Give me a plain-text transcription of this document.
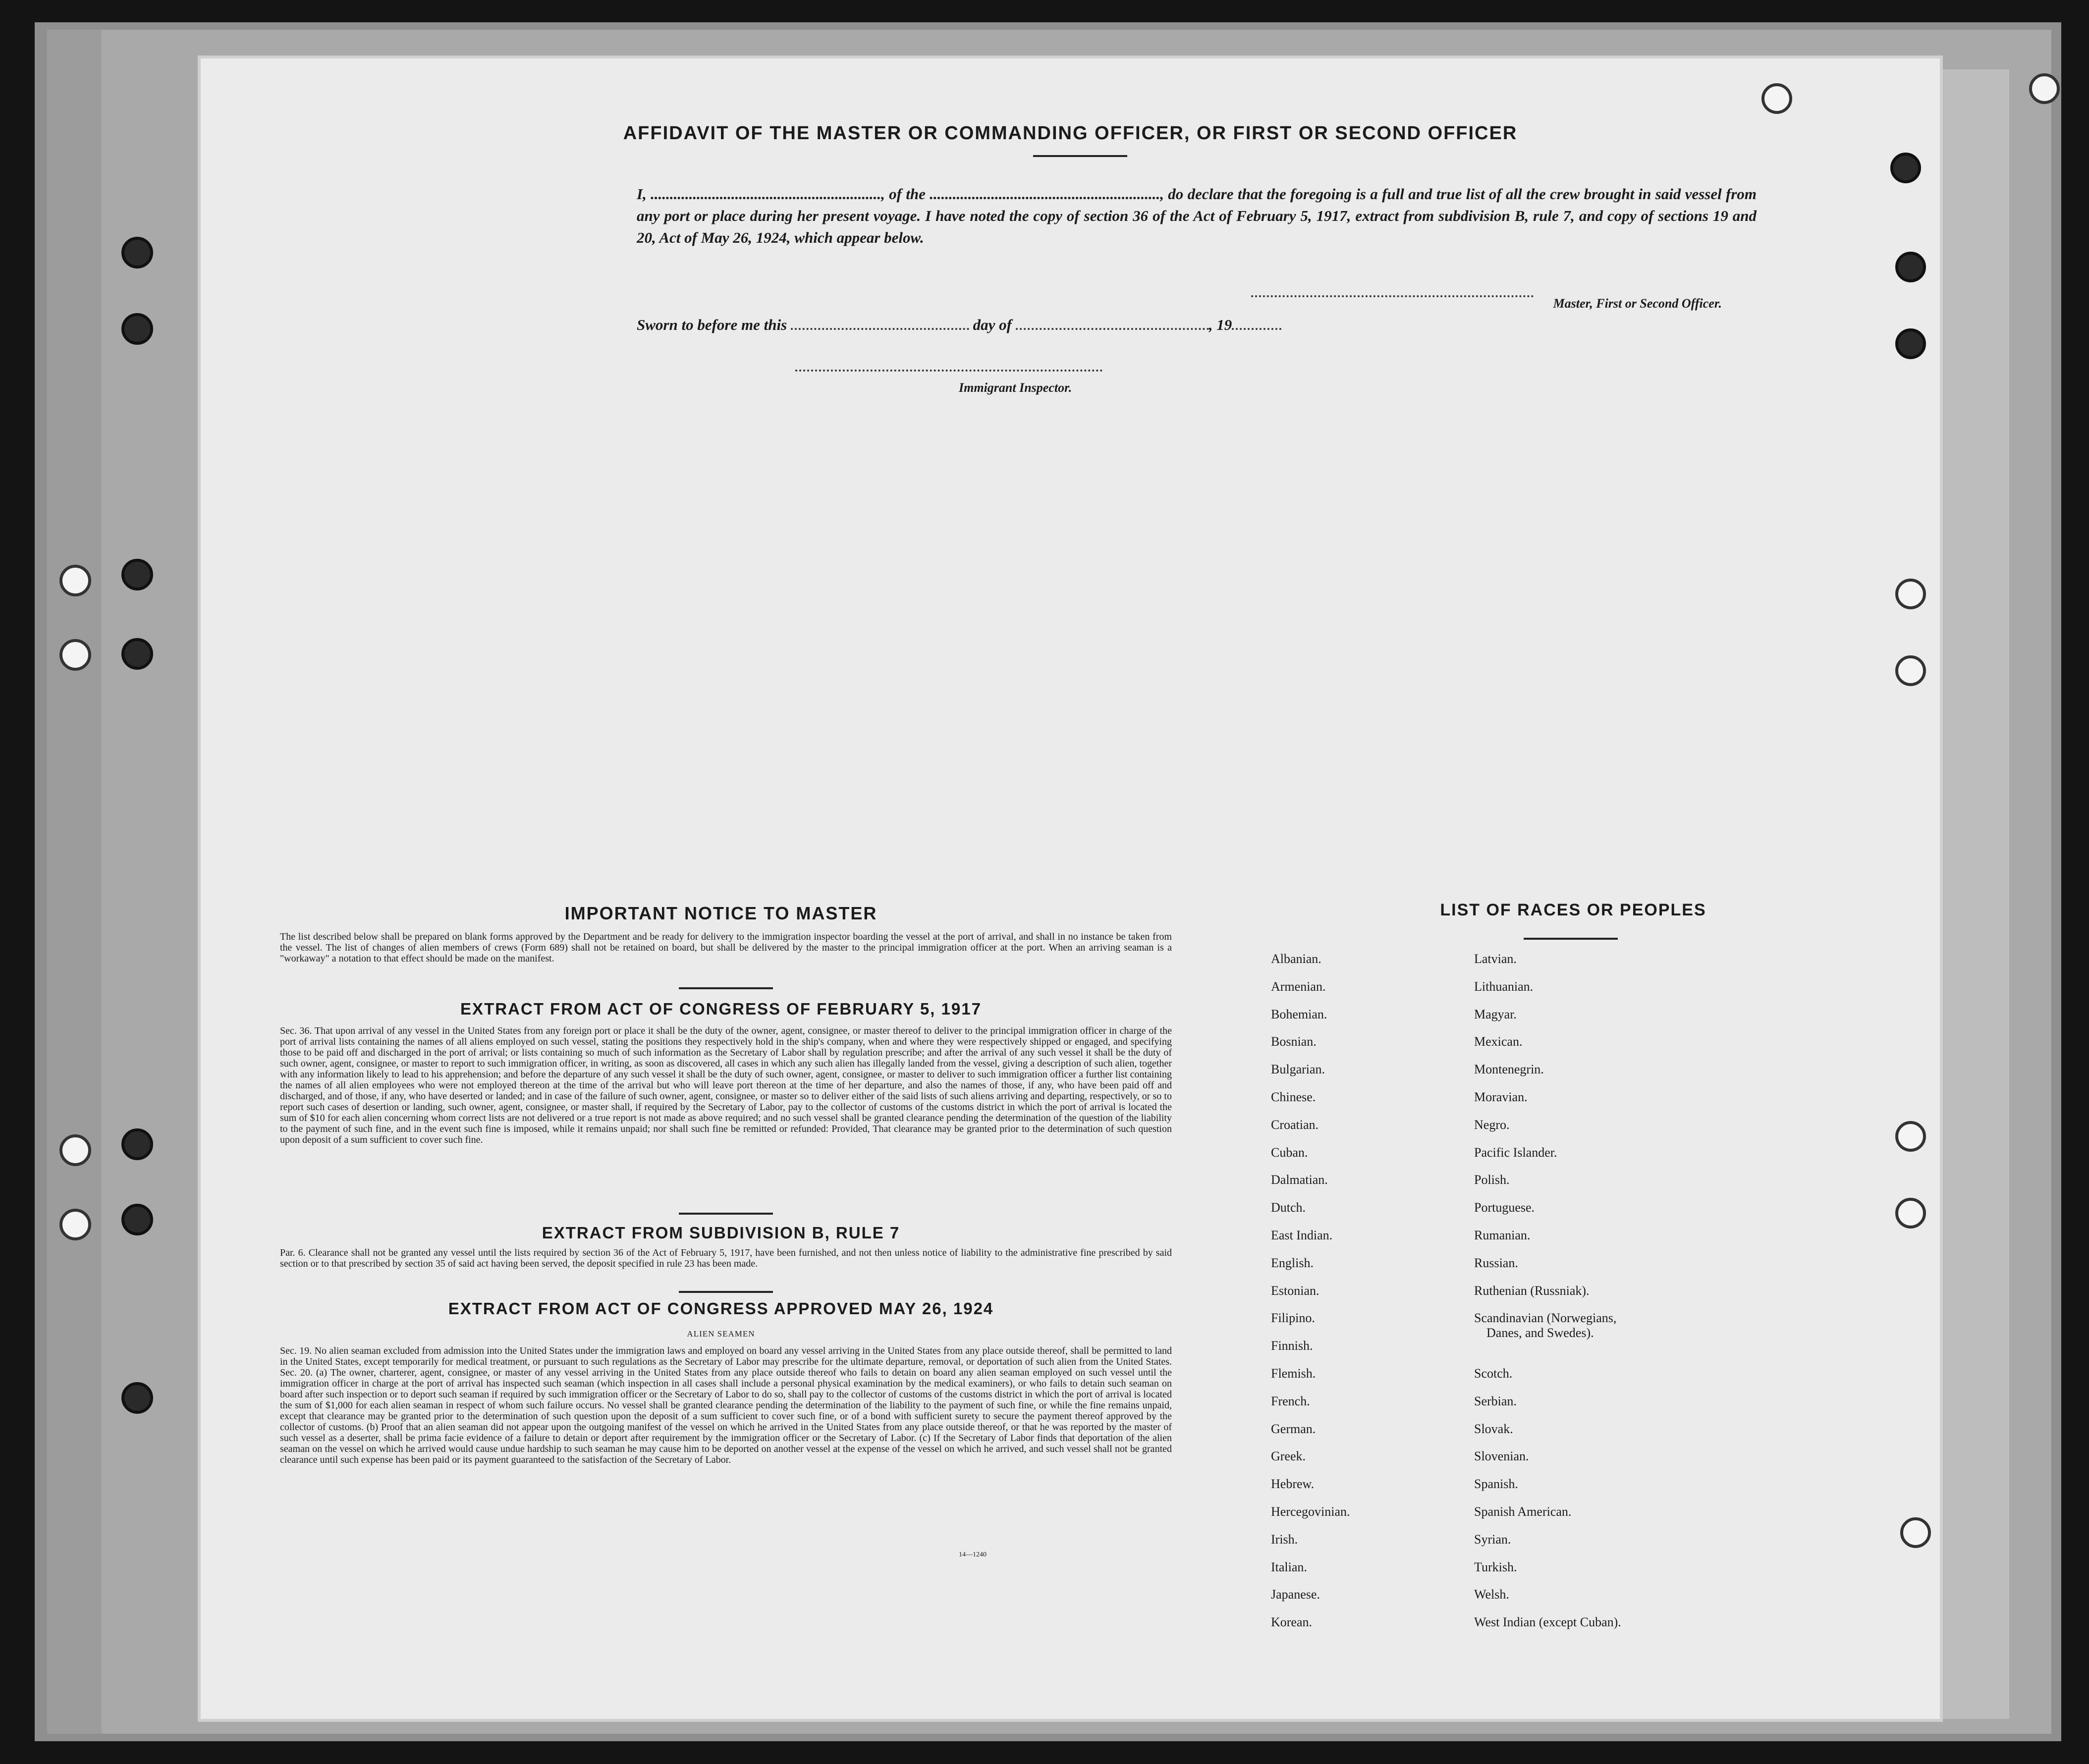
AFFIDAVIT OF THE MASTER OR COMMANDING OFFICER, OR FIRST OR SECOND OFFICER
I, ............................................................, of the ............................................................, do declare that the foregoing is a full and true list of all the crew brought in said vessel from any port or place during her present voyage. I have noted the copy of section 36 of the Act of February 5, 1917, extract from subdivision B, rule 7, and copy of sections 19 and 20, Act of May 26, 1924, which appear below.
Master, First or Second Officer.
Sworn to before me this	day of	, 19
Immigrant Inspector.
IMPORTANT NOTICE TO MASTER
The list described below shall be prepared on blank forms approved by the Department and be ready for delivery to the immigration inspector boarding the vessel at the port of arrival, and shall in no instance be taken from the vessel. The list of changes of alien members of crews (Form 689) shall not be retained on board, but shall be delivered by the master to the principal immigration officer at the port. When an arriving seaman is a "workaway" a notation to that effect should be made on the manifest.
EXTRACT FROM ACT OF CONGRESS OF FEBRUARY 5, 1917
Sec. 36. That upon arrival of any vessel in the United States from any foreign port or place it shall be the duty of the owner, agent, consignee, or master thereof to deliver to the principal immigration officer in charge of the port of arrival lists containing the names of all aliens employed on such vessel, stating the positions they respectively hold in the ship's company, when and where they were respectively shipped or engaged, and specifying those to be paid off and discharged in the port of arrival; or lists containing so much of such information as the Secretary of Labor shall by regulation prescribe; and after the arrival of any such vessel it shall be the duty of such owner, agent, consignee, or master to report to such immigration officer, in writing, as soon as discovered, all cases in which any such alien has illegally landed from the vessel, giving a description of such alien, together with any information likely to lead to his apprehension; and before the departure of any such vessel it shall be the duty of such owner, agent, consignee, or master to deliver to such immigration officer a further list containing the names of all alien employees who were not employed thereon at the time of the arrival but who will leave port thereon at the time of her departure, and also the names of those, if any, who have been paid off and discharged, and of those, if any, who have deserted or landed; and in case of the failure of such owner, agent, consignee, or master so to deliver either of the said lists of such aliens arriving and departing, respectively, or so to report such cases of desertion or landing, such owner, agent, consignee, or master shall, if required by the Secretary of Labor, pay to the collector of customs of the customs district in which the port of arrival is located the sum of $10 for each alien concerning whom correct lists are not delivered or a true report is not made as above required; and no such vessel shall be granted clearance pending the determination of the question of the liability to the payment of such fine, and in the event such fine is imposed, while it remains unpaid; nor shall such fine be remitted or refunded: Provided, That clearance may be granted prior to the determination of such question upon deposit of a sum sufficient to cover such fine.
EXTRACT FROM SUBDIVISION B, RULE 7
Par. 6. Clearance shall not be granted any vessel until the lists required by section 36 of the Act of February 5, 1917, have been furnished, and not then unless notice of liability to the administrative fine prescribed by said section or to that prescribed by section 35 of said act having been served, the deposit specified in rule 23 has been made.
EXTRACT FROM ACT OF CONGRESS APPROVED MAY 26, 1924
ALIEN SEAMEN
Sec. 19. No alien seaman excluded from admission into the United States under the immigration laws and employed on board any vessel arriving in the United States from any place outside thereof, shall be permitted to land in the United States, except temporarily for medical treatment, or pursuant to such regulations as the Secretary of Labor may prescribe for the ultimate departure, removal, or deportation of such alien from the United States. Sec. 20. (a) The owner, charterer, agent, consignee, or master of any vessel arriving in the United States from any place outside thereof who fails to detain on board any alien seaman employed on such vessel until the immigration officer in charge at the port of arrival has inspected such seaman (which inspection in all cases shall include a personal physical examination by the medical examiners), or who fails to detain such seaman on board after such inspection or to deport such seaman if required by such immigration officer or the Secretary of Labor to do so, shall pay to the collector of customs of the customs district in which the port of arrival is located the sum of $1,000 for each alien seaman in respect of whom such failure occurs. No vessel shall be granted clearance pending the determination of the liability to the payment of such fine, or while the fine remains unpaid, except that clearance may be granted prior to the determination of such question upon the deposit of a sum sufficient to cover such fine, or of a bond with sufficient surety to secure the payment thereof approved by the collector of customs. (b) Proof that an alien seaman did not appear upon the outgoing manifest of the vessel on which he arrived in the United States from any place outside thereof, or that he was reported by the master of such vessel as a deserter, shall be prima facie evidence of a failure to detain or deport after requirement by the immigration officer or the Secretary of Labor. (c) If the Secretary of Labor finds that deportation of the alien seaman on the vessel on which he arrived would cause undue hardship to such seaman he may cause him to be deported on another vessel at the expense of the vessel on which he arrived, and such vessel shall not be granted clearance until such expense has been paid or its payment guaranteed to the satisfaction of the Secretary of Labor.
14—1240
LIST OF RACES OR PEOPLES
Albanian.
Armenian.
Bohemian.
Bosnian.
Bulgarian.
Chinese.
Croatian.
Cuban.
Dalmatian.
Dutch.
East Indian.
English.
Estonian.
Filipino.
Finnish.
Flemish.
French.
German.
Greek.
Hebrew.
Hercegovinian.
Irish.
Italian.
Japanese.
Korean.
Latvian.
Lithuanian.
Magyar.
Mexican.
Montenegrin.
Moravian.
Negro.
Pacific Islander.
Polish.
Portuguese.
Rumanian.
Russian.
Ruthenian (Russniak).
Scandinavian (Norwegians,
Danes, and Swedes).
Scotch.
Serbian.
Slovak.
Slovenian.
Spanish.
Spanish American.
Syrian.
Turkish.
Welsh.
West Indian (except Cuban).
